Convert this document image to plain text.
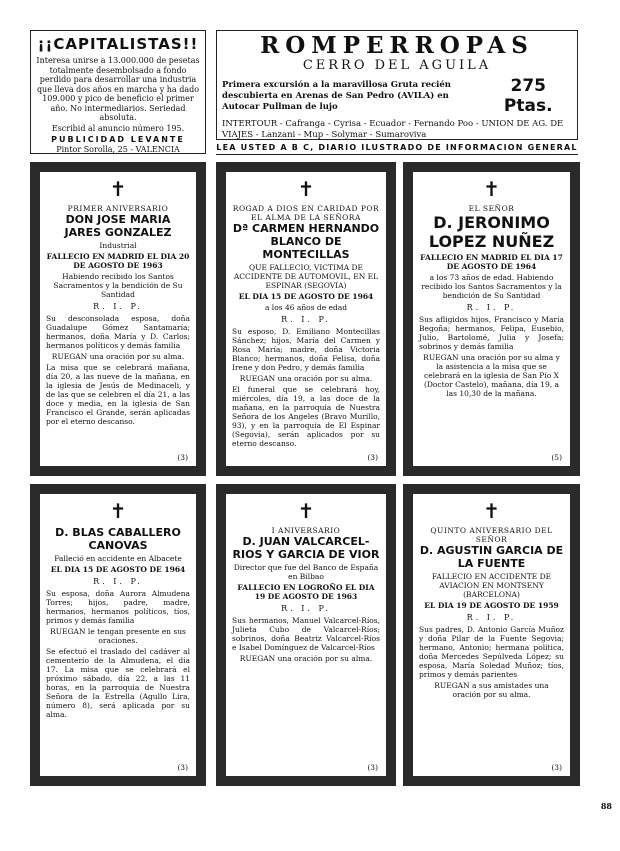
¡¡CAPITALISTAS!!
Interesa unirse a 13.000.000 de pesetas totalmente desembolsado a fondo perdido para desarrollar una industria que lleva dos años en marcha y ha dado 109.000 y pico de beneficio el primer año. No intermediarios. Seriedad absoluta.
Escribid al anuncio número 195.
PUBLICIDAD LEVANTE
Pintor Sorolla, 25 - VALENCIA
ROMPERROPAS
CERRO DEL AGUILA
Primera excursión a la maravillosa Gruta recién descubierta en Arenas de San Pedro (AVILA) en Autocar Pullman de lujo
275 Ptas.
INTERTOUR - Cafranga - Cyrisa - Ecuador - Fernando Poo - UNION DE AG. DE VIAJES - Lanzani - Mup - Solymar - Sumaroviva
LEA USTED A B C, DIARIO ILUSTRADO DE INFORMACION GENERAL
✝
PRIMER ANIVERSARIO
DON JOSE MARIA JARES GONZALEZ
Industrial
FALLECIO EN MADRID EL DIA 20 DE AGOSTO DE 1963
Habiendo recibido los Santos Sacramentos y la bendición de Su Santidad
R. I. P.
Su desconsolada esposa, doña Guadalupe Gómez Santamaría; hermanos, doña María y D. Carlos; hermanos políticos y demás familia
RUEGAN una oración por su alma.
La misa que se celebrará mañana, día 20, a las nueve de la mañana, en la iglesia de Jesús de Medinaceli, y de las que se celebren el día 21, a las doce y media, en la iglesia de San Francisco el Grande, serán aplicadas por el eterno descanso.
(3)
✝
ROGAD A DIOS EN CARIDAD POR EL ALMA DE LA SEÑORA
Dª CARMEN HERNANDO BLANCO DE MONTECILLAS
QUE FALLECIO, VICTIMA DE ACCIDENTE DE AUTOMOVIL, EN EL ESPINAR (SEGOVIA)
EL DIA 15 DE AGOSTO DE 1964
a los 46 años de edad
R. I. P.
Su esposo, D. Emiliano Montecillas Sánchez; hijos, María del Carmen y Rosa María; madre, doña Victoria Blanco; hermanos, doña Felisa, doña Irene y don Pedro, y demás familia
RUEGAN una oración por su alma.
El funeral que se celebrará hoy, miércoles, día 19, a las doce de la mañana, en la parroquia de Nuestra Señora de los Angeles (Bravo Murillo, 93), y en la parroquia de El Espinar (Segovia), serán aplicados por su eterno descanso.
(3)
✝
EL SEÑOR
D. JERONIMO LOPEZ NUÑEZ
FALLECIO EN MADRID EL DIA 17 DE AGOSTO DE 1964
a los 73 años de edad. Habiendo recibido los Santos Sacramentos y la bendición de Su Santidad
R. I. P.
Sus afligidos hijos, Francisco y María Begoña; hermanos, Felipa, Eusebio, Julio, Bartolomé, Julia y Josefa; sobrinos y demás familia
RUEGAN una oración por su alma y la asistencia a la misa que se celebrará en la iglesia de San Pío X (Doctor Castelo), mañana, día 19, a las 10,30 de la mañana.
(5)
✝
D. BLAS CABALLERO CANOVAS
Falleció en accidente en Albacete
EL DIA 15 DE AGOSTO DE 1964
R. I. P.
Su esposa, doña Aurora Almudena Torres; hijos, padre, madre, hermanos, hermanos políticos, tíos, primos y demás familia
RUEGAN le tengan presente en sus oraciones.
Se efectuó el traslado del cadáver al cementerio de la Almudena, el día 17. La misa que se celebrará el próximo sábado, día 22, a las 11 horas, en la parroquia de Nuestra Señora de la Estrella (Agullo Lira, número 8), será aplicada por su alma.
(3)
✝
I ANIVERSARIO
D. JUAN VALCARCEL-RIOS Y GARCIA DE VIOR
Director que fue del Banco de España en Bilbao
FALLECIO EN LOGROÑO EL DIA 19 DE AGOSTO DE 1963
R. I. P.
Sus hermanos, Manuel Valcarcel-Ríos, Julieta Cubo de Valcarcel-Ríos; sobrinos, doña Beatriz Valcarcel-Ríos e Isabel Domínguez de Valcarcel-Ríos
RUEGAN una oración por su alma.
(3)
✝
QUINTO ANIVERSARIO DEL SEÑOR
D. AGUSTIN GARCIA DE LA FUENTE
FALLECIO EN ACCIDENTE DE AVIACION EN MONTSENY (BARCELONA)
EL DIA 19 DE AGOSTO DE 1959
R. I. P.
Sus padres, D. Antonio García Muñoz y doña Pilar de la Fuente Segovia; hermano, Antonio; hermana política, doña Mercedes Sepúlveda López; su esposa, María Soledad Muñoz; tíos, primos y demás parientes
RUEGAN a sus amistades una oración por su alma.
(3)
88
